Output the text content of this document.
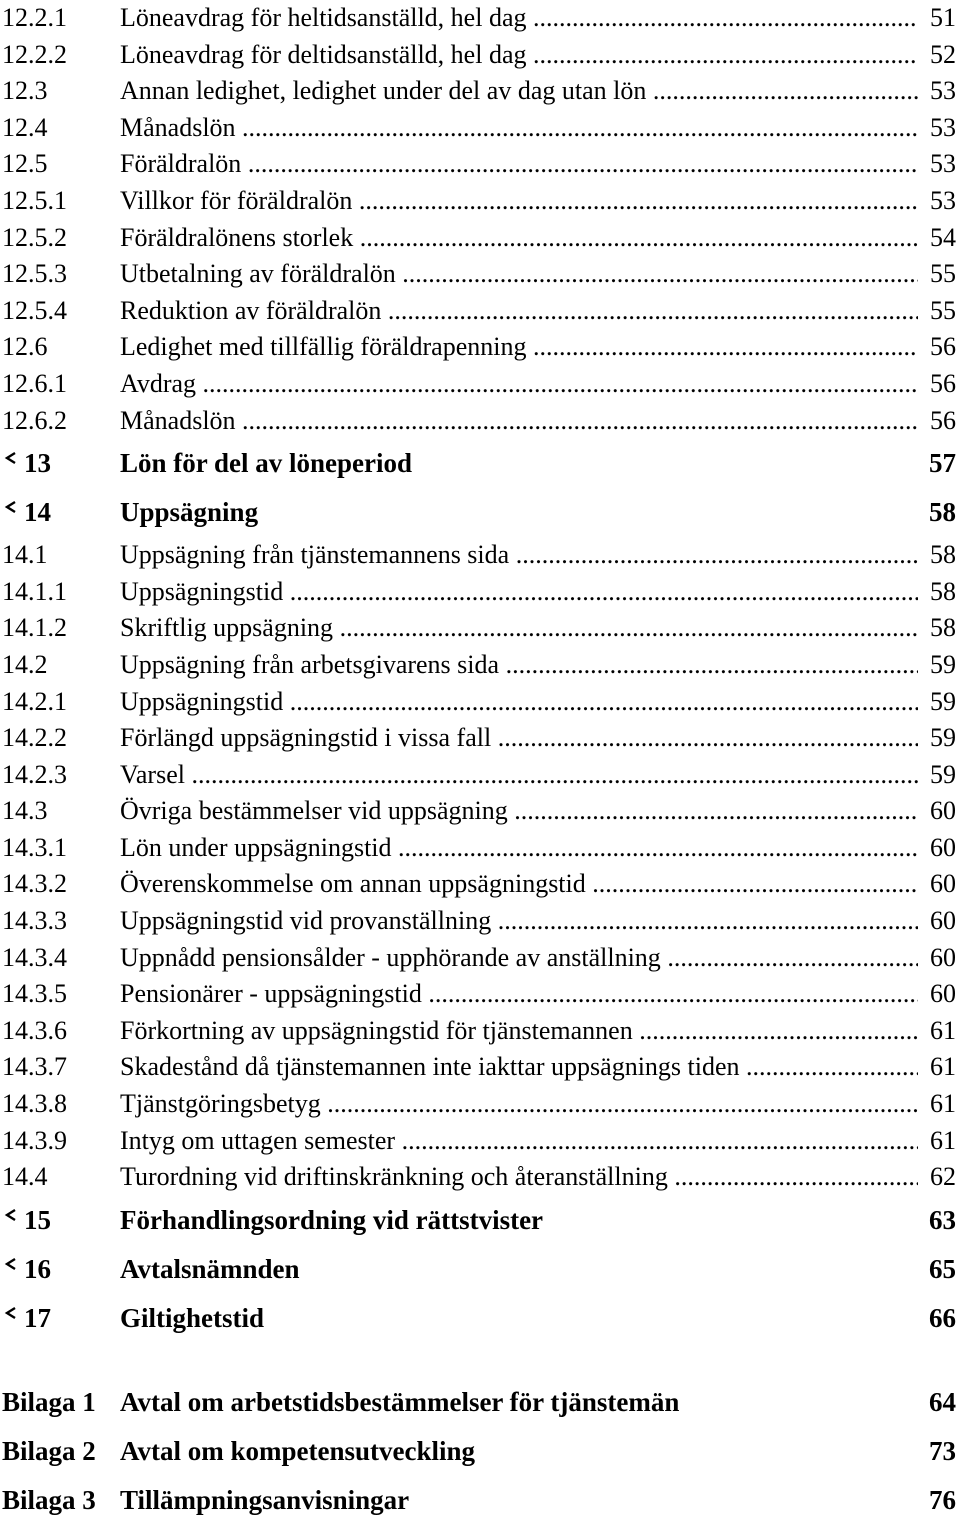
12.2.1 Löneavdrag för heltidsanställd, hel dag .....	51
12.2.2 Löneavdrag för deltidsanställd, hel dag .....	52
12.3	Annan ledighet, ledighet under del av dag utan lön .....	53
12.4	Månadslön .....	53
12.5	Föräldralön .....	53
12.5.1 Villkor för föräldralön .....	53
12.5.2 Föräldralönens storlek .....	54
12.5.3 Utbetalning av föräldralön .....	55
12.5.4 Reduktion av föräldralön .....	55
12.6	Ledighet med tillfällig föräldrapenning .....	56
12.6.1 Avdrag .....	56
12.6.2 Månadslön .....	56
13	Lön för del av löneperiod	57
14	Uppsägning	58
14.1	Uppsägning från tjänstemannens sida .....	58
14.1.1 Uppsägningstid .....	58
14.1.2 Skriftlig uppsägning .....	58
14.2	Uppsägning från arbetsgivarens sida .....	59
14.2.1 Uppsägningstid .....	59
14.2.2 Förlängd uppsägningstid i vissa fall .....	59
14.2.3 Varsel .....	59
14.3	Övriga bestämmelser vid uppsägning .....	60
14.3.1 Lön under uppsägningstid .....	60
14.3.2 Överenskommelse om annan uppsägningstid .....	60
14.3.3 Uppsägningstid vid provanställning .....	60
14.3.4 Uppnådd pensionsålder - upphörande av anställning .....	60
14.3.5 Pensionärer - uppsägningstid .....	60
14.3.6 Förkortning av uppsägningstid för tjänstemannen .....	61
14.3.7 Skadestånd då tjänstemannen inte iakttar uppsägnings tiden .....	61
14.3.8 Tjänstgöringsbetyg .....	61
14.3.9 Intyg om uttagen semester .....	61
14.4	Turordning vid driftinskränkning och återanställning .....	62
15	Förhandlingsordning vid rättstvister	63
16	Avtalsnämnden	65
17	Giltighetstid	66
Bilaga 1 Avtal om arbetstidsbestämmelser för tjänstemän	64
Bilaga 2 Avtal om kompetensutveckling	73
Bilaga 3 Tillämpningsanvisningar	76
